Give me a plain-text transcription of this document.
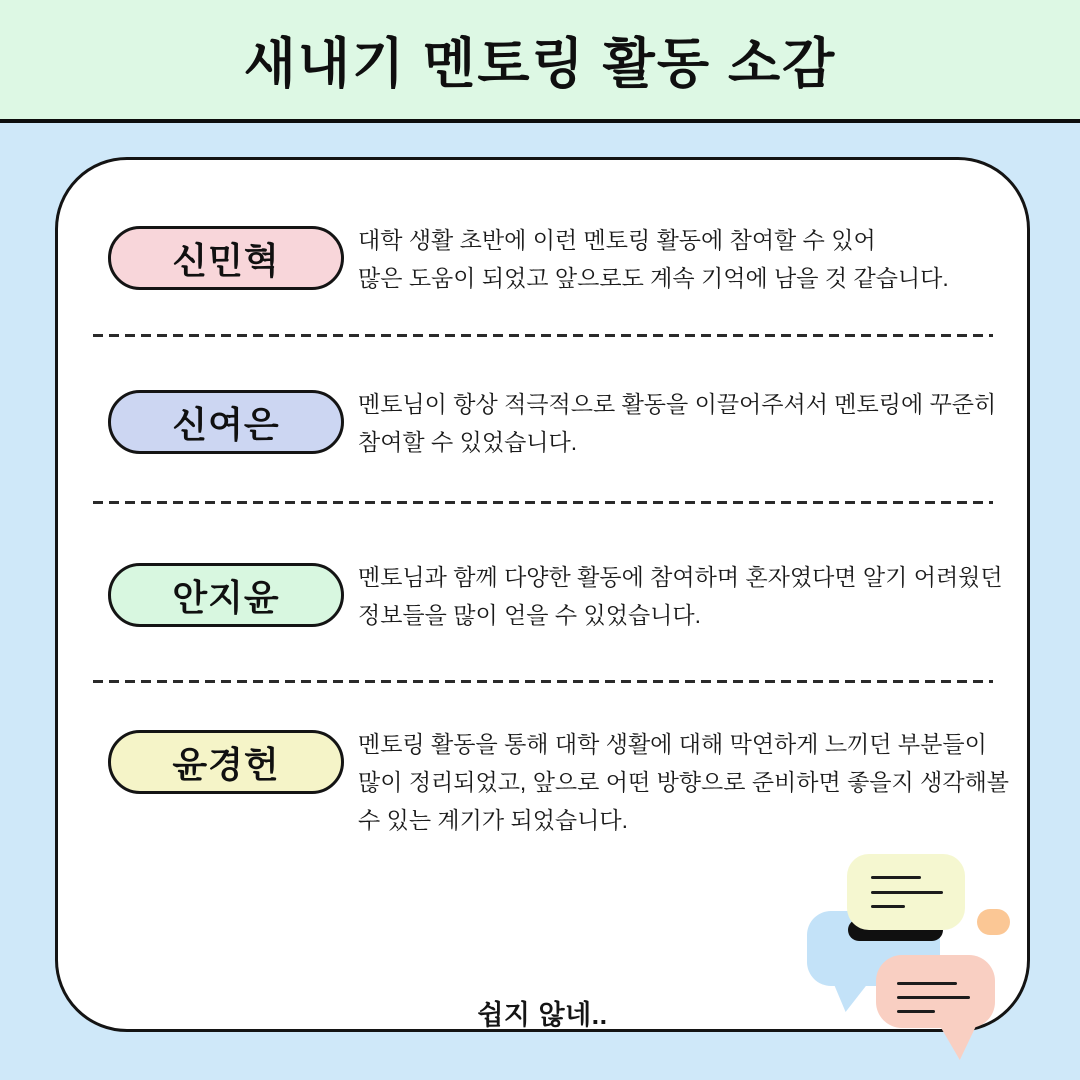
새내기 멘토링 활동 소감
신민혁	대학 생활 초반에 이런 멘토링 활동에 참여할 수 있어
많은 도움이 되었고 앞으로도 계속 기억에 남을 것 같습니다.
신여은	멘토님이 항상 적극적으로 활동을 이끌어주셔서 멘토링에 꾸준히 참여할 수 있었습니다.
안지윤	멘토님과 함께 다양한 활동에 참여하며 혼자였다면 알기 어려웠던 정보들을 많이 얻을 수 있었습니다.
윤경헌	멘토링 활동을 통해 대학 생활에 대해 막연하게 느끼던 부분들이 많이 정리되었고, 앞으로 어떤 방향으로 준비하면 좋을지 생각해볼 수 있는 계기가 되었습니다.
쉽지 않네..
